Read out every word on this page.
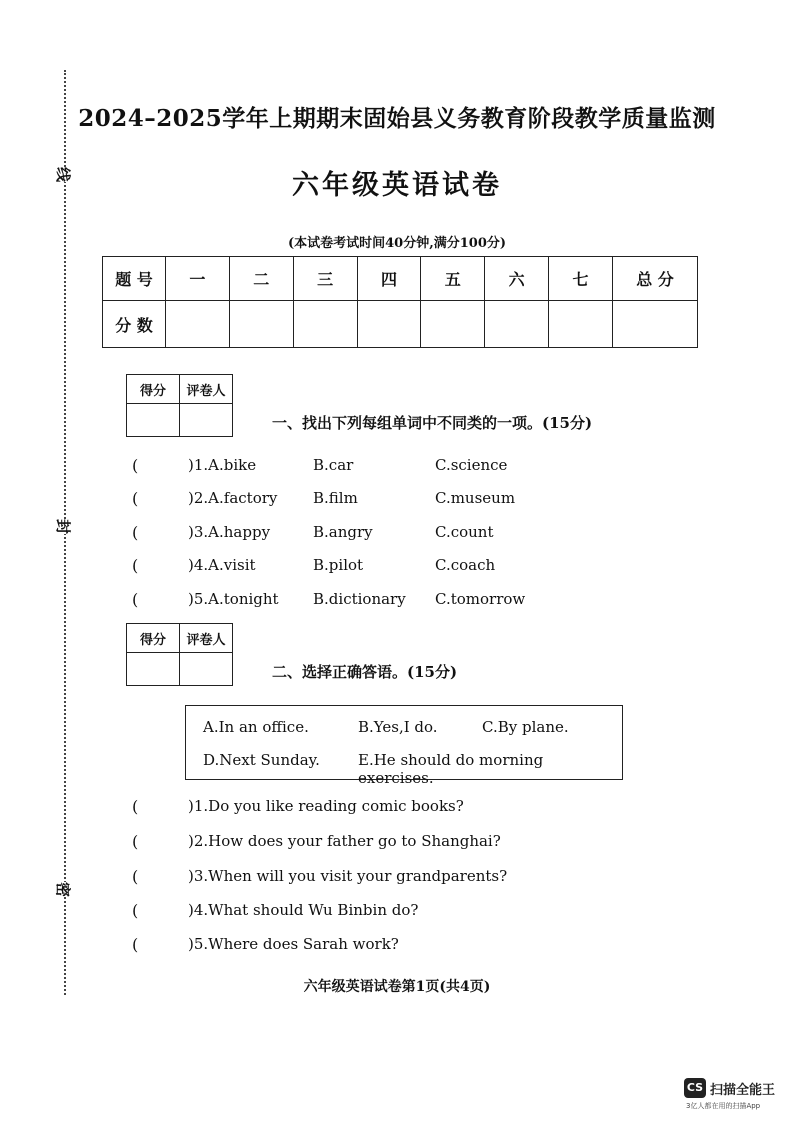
线
封
密
2024–2025学年上期期末固始县义务教育阶段教学质量监测
六年级英语试卷
(本试卷考试时间40分钟,满分100分)
题 号	一	二	三	四	五	六	七	总 分
分 数								
得分	评卷人

一、找出下列每组单词中不同类的一项。(15分)
(	)1.A.bike	B.car	C.science
(	)2.A.factory B.film	C.museum
(	)3.A.happy	B.angry	C.count
(	)4.A.visit	B.pilot	C.coach
(	)5.A.tonight B.dictionary C.tomorrow
得分	评卷人

二、选择正确答语。(15分)
A.In an office.	B.Yes,I do.	C.By plane.
D.Next Sunday.	E.He should do morning exercises.
(	)1.Do you like reading comic books?
(	)2.How does your father go to Shanghai?
(	)3.When will you visit your grandparents?
(	)4.What should Wu Binbin do?
(	)5.Where does Sarah work?
六年级英语试卷第1页(共4页)
CS 扫描全能王
3亿人都在用的扫描App
